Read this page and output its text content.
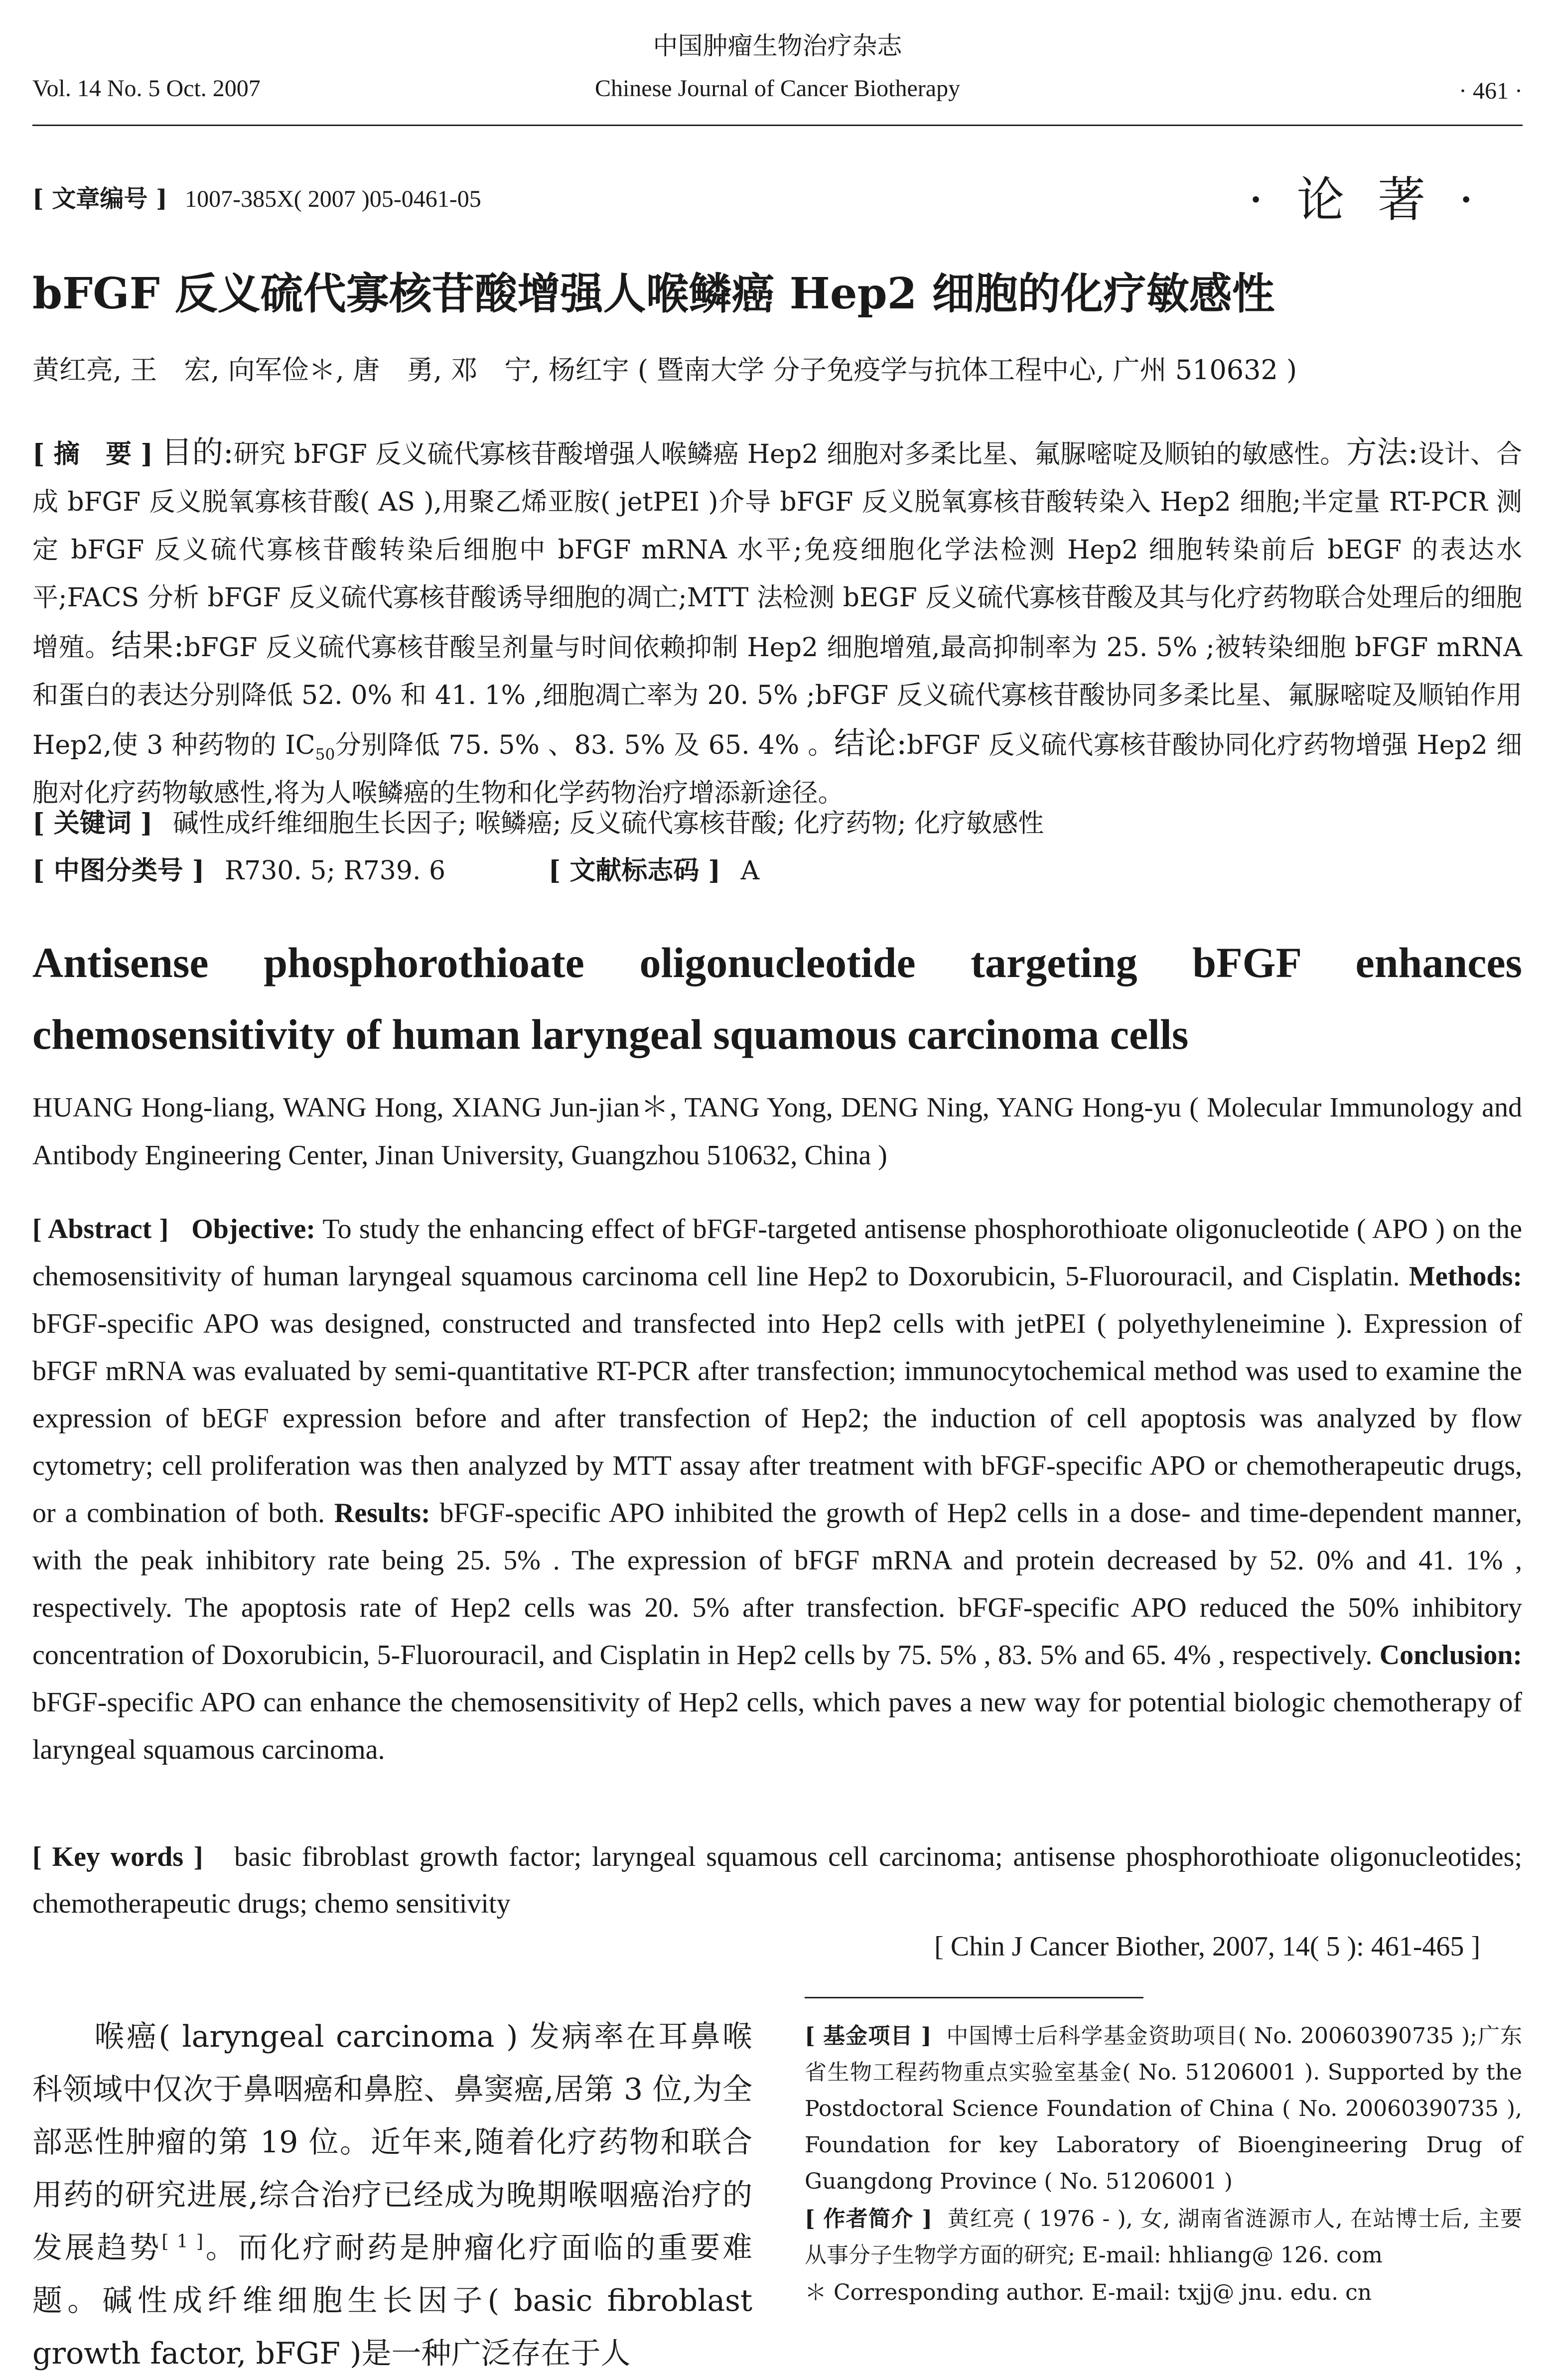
中国肿瘤生物治疗杂志
Vol. 14 No. 5 Oct. 2007	Chinese Journal of Cancer Biotherapy	· 461 ·
[ 文章编号 ] 1007-385X( 2007 )05-0461-05	· 论 著 ·
bFGF 反义硫代寡核苷酸增强人喉鳞癌 Hep2 细胞的化疗敏感性
黄红亮, 王　宏, 向军俭＊, 唐　勇, 邓　宁, 杨红宇 ( 暨南大学 分子免疫学与抗体工程中心, 广州 510632 )
[ 摘　要 ] 目的:研究 bFGF 反义硫代寡核苷酸增强人喉鳞癌 Hep2 细胞对多柔比星、氟脲嘧啶及顺铂的敏感性。方法:设计、合成 bFGF 反义脱氧寡核苷酸( AS ),用聚乙烯亚胺( jetPEI )介导 bFGF 反义脱氧寡核苷酸转染入 Hep2 细胞;半定量 RT-PCR 测定 bFGF 反义硫代寡核苷酸转染后细胞中 bFGF mRNA 水平;免疫细胞化学法检测 Hep2 细胞转染前后 bEGF 的表达水平;FACS 分析 bFGF 反义硫代寡核苷酸诱导细胞的凋亡;MTT 法检测 bEGF 反义硫代寡核苷酸及其与化疗药物联合处理后的细胞增殖。结果:bFGF 反义硫代寡核苷酸呈剂量与时间依赖抑制 Hep2 细胞增殖,最高抑制率为 25. 5% ;被转染细胞 bFGF mRNA 和蛋白的表达分别降低 52. 0% 和 41. 1% ,细胞凋亡率为 20. 5% ;bFGF 反义硫代寡核苷酸协同多柔比星、氟脲嘧啶及顺铂作用 Hep2,使 3 种药物的 $IC_{50}$分别降低 75. 5% 、83. 5% 及 65. 4% 。结论:bFGF 反义硫代寡核苷酸协同化疗药物增强 Hep2 细胞对化疗药物敏感性,将为人喉鳞癌的生物和化学药物治疗增添新途径。
[ 关键词 ] 碱性成纤维细胞生长因子; 喉鳞癌; 反义硫代寡核苷酸; 化疗药物; 化疗敏感性
[ 中图分类号 ] R730. 5; R739. 6	[ 文献标志码 ] A
Antisense phosphorothioate oligonucleotide targeting bFGF enhances chemosensitivity of human laryngeal squamous carcinoma cells
HUANG Hong-liang, WANG Hong, XIANG Jun-jian＊, TANG Yong, DENG Ning, YANG Hong-yu ( Molecular Immunology and Antibody Engineering Center, Jinan University, Guangzhou 510632, China )
[ Abstract ] Objective: To study the enhancing effect of bFGF-targeted antisense phosphorothioate oligonucleotide ( APO ) on the chemosensitivity of human laryngeal squamous carcinoma cell line Hep2 to Doxorubicin, 5-Fluorouracil, and Cisplatin. Methods: bFGF-specific APO was designed, constructed and transfected into Hep2 cells with jetPEI ( polyethyleneimine ). Expression of bFGF mRNA was evaluated by semi-quantitative RT-PCR after transfection; immunocytochemical method was used to examine the expression of bEGF expression before and after transfection of Hep2; the induction of cell apoptosis was analyzed by flow cytometry; cell proliferation was then analyzed by MTT assay after treatment with bFGF-specific APO or chemotherapeutic drugs, or a combination of both. Results: bFGF-specific APO inhibited the growth of Hep2 cells in a dose- and time-dependent manner, with the peak inhibitory rate being 25. 5% . The expression of bFGF mRNA and protein decreased by 52. 0% and 41. 1% , respectively. The apoptosis rate of Hep2 cells was 20. 5% after transfection. bFGF-specific APO reduced the 50% inhibitory concentration of Doxorubicin, 5-Fluorouracil, and Cisplatin in Hep2 cells by 75. 5% , 83. 5% and 65. 4% , respectively. Conclusion: bFGF-specific APO can enhance the chemosensitivity of Hep2 cells, which paves a new way for potential biologic chemotherapy of laryngeal squamous carcinoma.
[ Key words ] basic fibroblast growth factor; laryngeal squamous cell carcinoma; antisense phosphorothioate oligonucleotides; chemotherapeutic drugs; chemo sensitivity
[ Chin J Cancer Biother, 2007, 14( 5 ): 461-465 ]
喉癌( laryngeal carcinoma ) 发病率在耳鼻喉科领域中仅次于鼻咽癌和鼻腔、鼻窦癌,居第 3 位,为全部恶性肿瘤的第 19 位。近年来,随着化疗药物和联合用药的研究进展,综合治疗已经成为晚期喉咽癌治疗的发展趋势[ 1 ]。而化疗耐药是肿瘤化疗面临的重要难题。碱性成纤维细胞生长因子( basic fibroblast growth factor, bFGF )是一种广泛存在于人

[ 基金项目 ] 中国博士后科学基金资助项目( No. 20060390735 );广东省生物工程药物重点实验室基金( No. 51206001 ). Supported by the Postdoctoral Science Foundation of China ( No. 20060390735 ), Foundation for key Laboratory of Bioengineering Drug of Guangdong Province ( No. 51206001 )

[ 作者简介 ] 黄红亮 ( 1976 - ), 女, 湖南省涟源市人, 在站博士后, 主要从事分子生物学方面的研究; E-mail: hhliang@ 126. com

＊ Corresponding author. E-mail: txjj@ jnu. edu. cn
